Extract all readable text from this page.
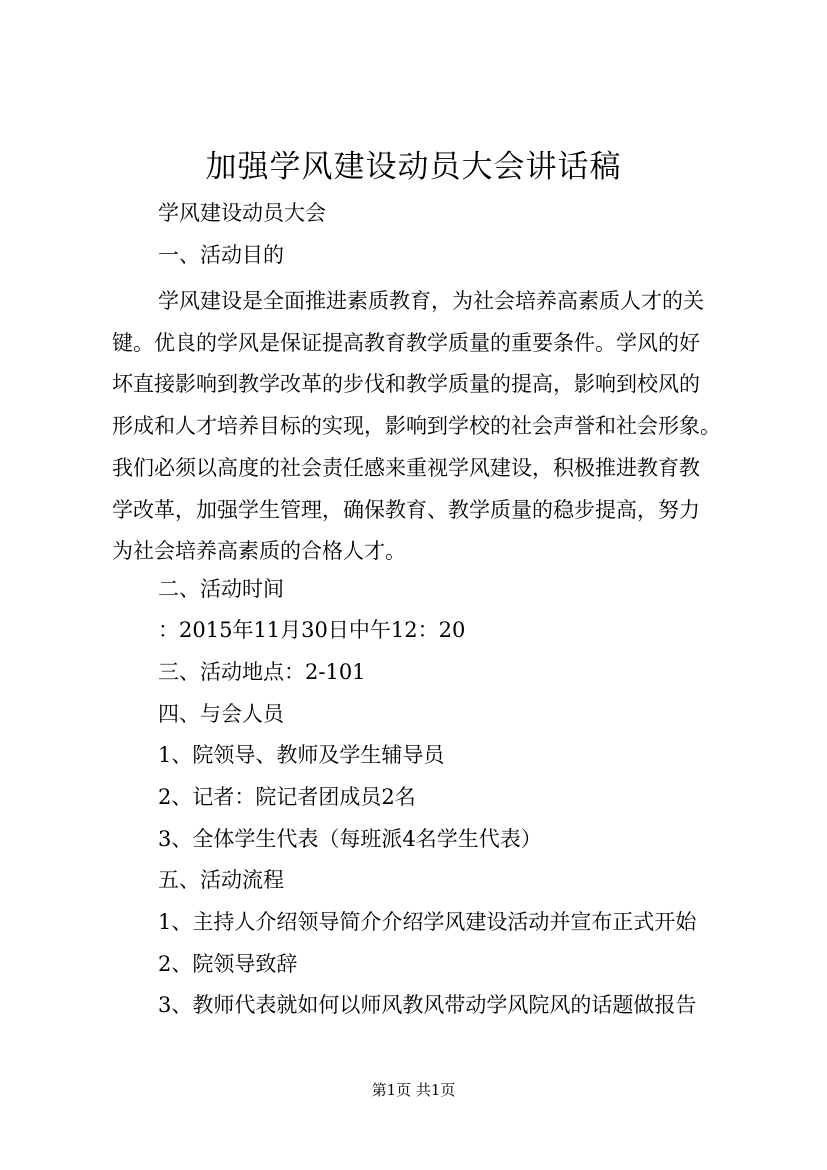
加强学风建设动员大会讲话稿
学风建设动员大会
一、活动目的

学风建设是全面推进素质教育，为社会培养高素质人才的关

键。优良的学风是保证提高教育教学质量的重要条件。学风的好

坏直接影响到教学改革的步伐和教学质量的提高，影响到校风的

形成和人才培养目标的实现，影响到学校的社会声誉和社会形象。

我们必须以高度的社会责任感来重视学风建设，积极推进教育教

学改革，加强学生管理，确保教育、教学质量的稳步提高，努力

为社会培养高素质的合格人才。

二、活动时间
：2015年11月30日中午12：20
三、活动地点：2-101
四、与会人员
1、院领导、教师及学生辅导员
2、记者：院记者团成员2名
3、全体学生代表（每班派4名学生代表）
五、活动流程
1、主持人介绍领导简介介绍学风建设活动并宣布正式开始
2、院领导致辞
3、教师代表就如何以师风教风带动学风院风的话题做报告
第1页 共1页
